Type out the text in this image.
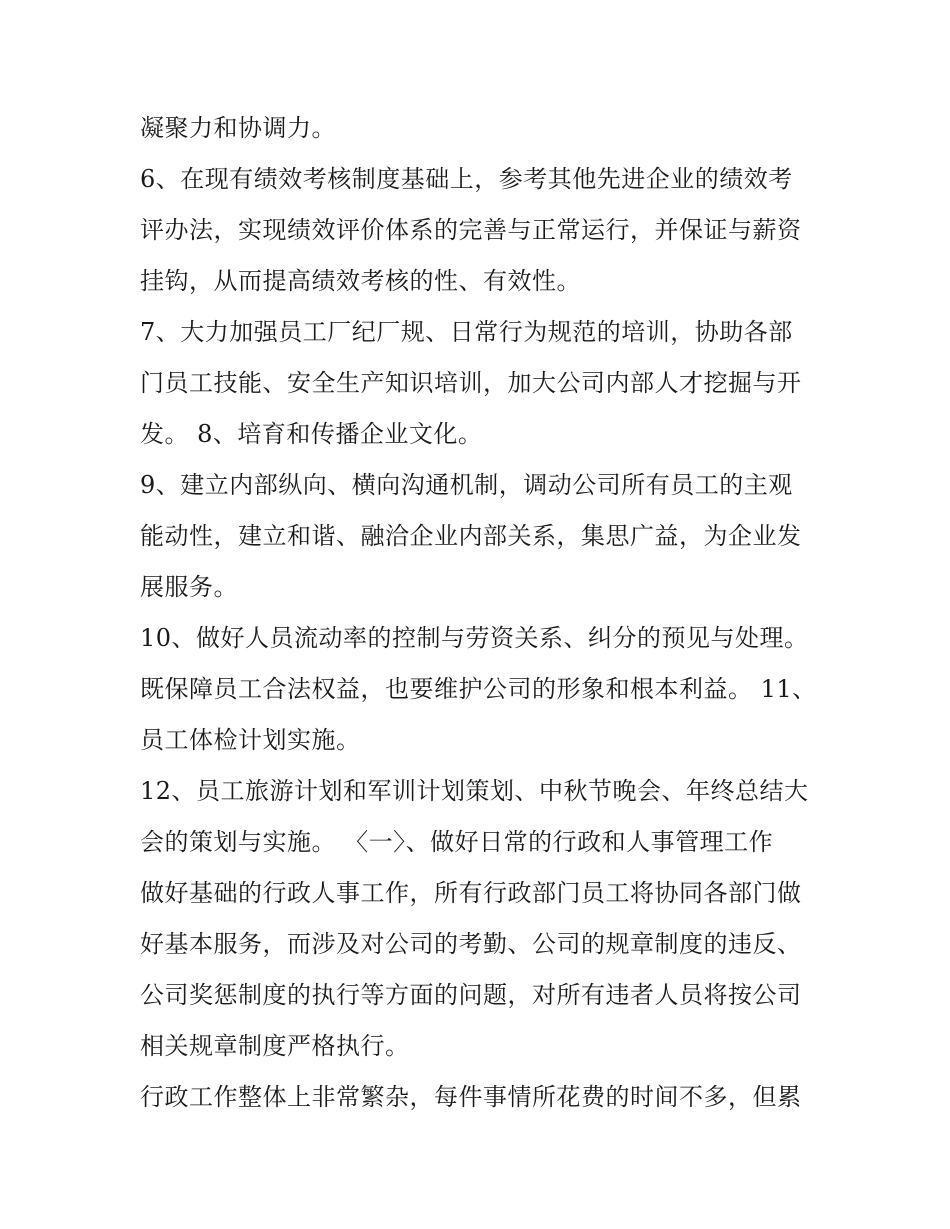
凝聚力和协调力。
6、在现有绩效考核制度基础上，参考其他先进企业的绩效考
评办法，实现绩效评价体系的完善与正常运行，并保证与薪资
挂钩，从而提高绩效考核的性、有效性。
7、大力加强员工厂纪厂规、日常行为规范的培训，协助各部
门员工技能、安全生产知识培训，加大公司内部人才挖掘与开
发。 8、培育和传播企业文化。
9、建立内部纵向、横向沟通机制，调动公司所有员工的主观
能动性，建立和谐、融洽企业内部关系，集思广益，为企业发
展服务。
10、做好人员流动率的控制与劳资关系、纠分的预见与处理。
既保障员工合法权益，也要维护公司的形象和根本利益。 11、
员工体检计划实施。
12、员工旅游计划和军训计划策划、中秋节晚会、年终总结大
会的策划与实施。 〈一〉、做好日常的行政和人事管理工作
做好基础的行政人事工作，所有行政部门员工将协同各部门做
好基本服务，而涉及对公司的考勤、公司的规章制度的违反、
公司奖惩制度的执行等方面的问题，对所有违者人员将按公司
相关规章制度严格执行。
行政工作整体上非常繁杂，每件事情所花费的时间不多，但累
